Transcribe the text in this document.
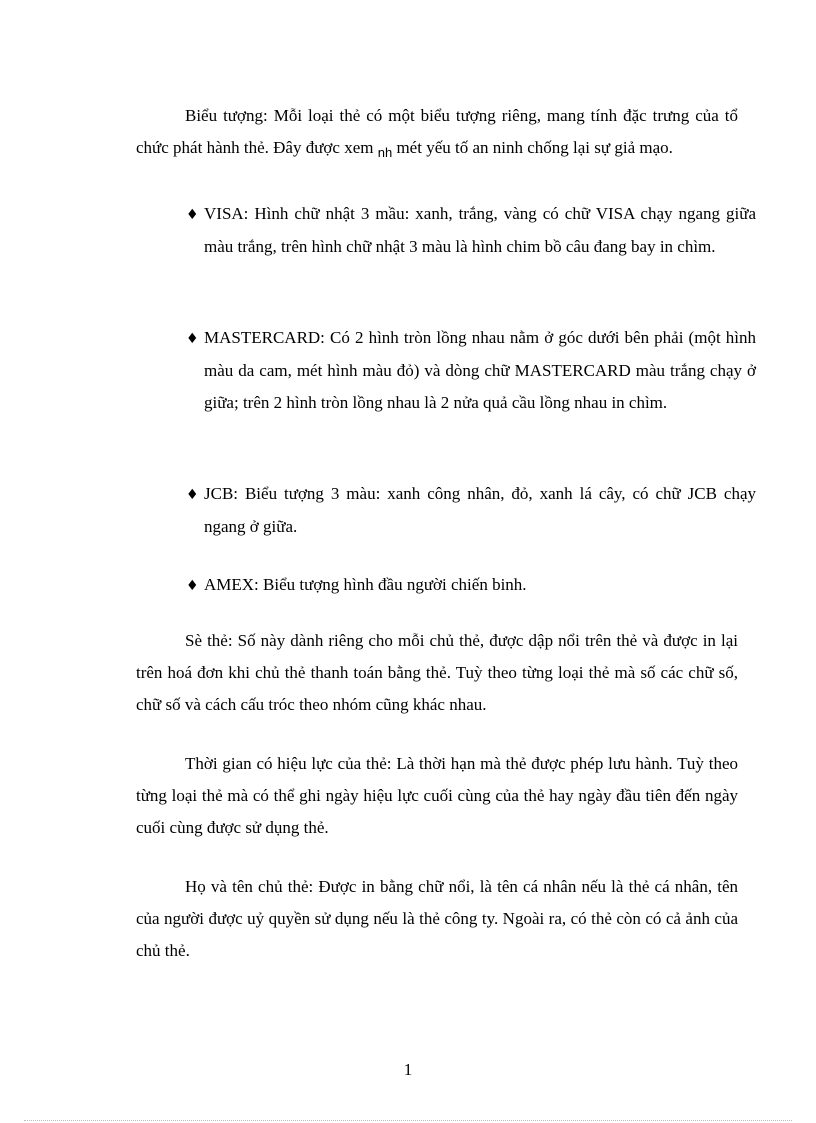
Biểu tượng: Mỗi loại thẻ có một biểu tượng riêng, mang tính đặc trưng của tổ chức phát hành thẻ. Đây được xem $_{nh}$ mét yếu tố an ninh chống lại sự giả mạo.

♦ VISA: Hình chữ nhật 3 mầu: xanh, trắng, vàng có chữ VISA chạy ngang giữa màu trắng, trên hình chữ nhật 3 màu là hình chim bồ câu đang bay in chìm.

♦ MASTERCARD: Có 2 hình tròn lồng nhau nằm ở góc dưới bên phải (một hình màu da cam, mét hình màu đỏ) và dòng chữ MASTERCARD màu trắng chạy ở giữa; trên 2 hình tròn lồng nhau là 2 nửa quả cầu lồng nhau in chìm.

♦ JCB: Biểu tượng 3 màu: xanh công nhân, đỏ, xanh lá cây, có chữ JCB chạy ngang ở giữa.

♦ AMEX: Biểu tượng hình đầu người chiến binh.

Sè thẻ: Số này dành riêng cho mỗi chủ thẻ, được dập nổi trên thẻ và được in lại trên hoá đơn khi chủ thẻ thanh toán bằng thẻ. Tuỳ theo từng loại thẻ mà số các chữ số, chữ số và cách cấu tróc theo nhóm cũng khác nhau.

Thời gian có hiệu lực của thẻ: Là thời hạn mà thẻ được phép lưu hành. Tuỳ theo từng loại thẻ mà có thể ghi ngày hiệu lực cuối cùng của thẻ hay ngày đầu tiên đến ngày cuối cùng được sử dụng thẻ.

Họ và tên chủ thẻ: Được in bằng chữ nổi, là tên cá nhân nếu là thẻ cá nhân, tên của người được uỷ quyền sử dụng nếu là thẻ công ty. Ngoài ra, có thẻ còn có cả ảnh của chủ thẻ.

1
